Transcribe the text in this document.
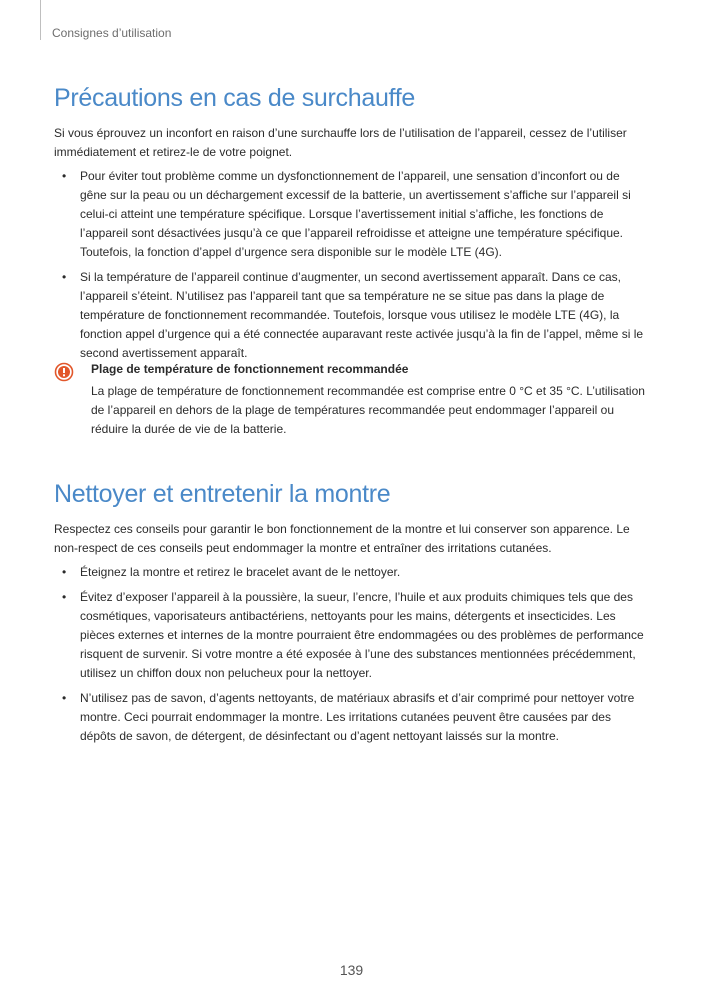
Consignes d’utilisation
Précautions en cas de surchauffe

Si vous éprouvez un inconfort en raison d’une surchauffe lors de l’utilisation de l’appareil, cessez de l’utiliser immédiatement et retirez-le de votre poignet.

• Pour éviter tout problème comme un dysfonctionnement de l’appareil, une sensation d’inconfort ou de gêne sur la peau ou un déchargement excessif de la batterie, un avertissement s’affiche sur l’appareil si celui-ci atteint une température spécifique. Lorsque l’avertissement initial s’affiche, les fonctions de l’appareil sont désactivées jusqu’à ce que l’appareil refroidisse et atteigne une température spécifique. Toutefois, la fonction d’appel d’urgence sera disponible sur le modèle LTE (4G).
• Si la température de l’appareil continue d’augmenter, un second avertissement apparaît. Dans ce cas, l’appareil s’éteint. N’utilisez pas l’appareil tant que sa température ne se situe pas dans la plage de température de fonctionnement recommandée. Toutefois, lorsque vous utilisez le modèle LTE (4G), la fonction appel d’urgence qui a été connectée auparavant reste activée jusqu’à la fin de l’appel, même si le second avertissement apparaît.
Plage de température de fonctionnement recommandée

La plage de température de fonctionnement recommandée est comprise entre 0 °C et 35 °C. L’utilisation de l’appareil en dehors de la plage de températures recommandée peut endommager l’appareil ou réduire la durée de vie de la batterie.

Nettoyer et entretenir la montre

Respectez ces conseils pour garantir le bon fonctionnement de la montre et lui conserver son apparence. Le non-respect de ces conseils peut endommager la montre et entraîner des irritations cutanées.

• Éteignez la montre et retirez le bracelet avant de le nettoyer.
• Évitez d’exposer l’appareil à la poussière, la sueur, l’encre, l’huile et aux produits chimiques tels que des cosmétiques, vaporisateurs antibactériens, nettoyants pour les mains, détergents et insecticides. Les pièces externes et internes de la montre pourraient être endommagées ou des problèmes de performance risquent de survenir. Si votre montre a été exposée à l’une des substances mentionnées précédemment, utilisez un chiffon doux non pelucheux pour la nettoyer.
• N’utilisez pas de savon, d’agents nettoyants, de matériaux abrasifs et d’air comprimé pour nettoyer votre montre. Ceci pourrait endommager la montre. Les irritations cutanées peuvent être causées par des dépôts de savon, de détergent, de désinfectant ou d’agent nettoyant laissés sur la montre.
139
